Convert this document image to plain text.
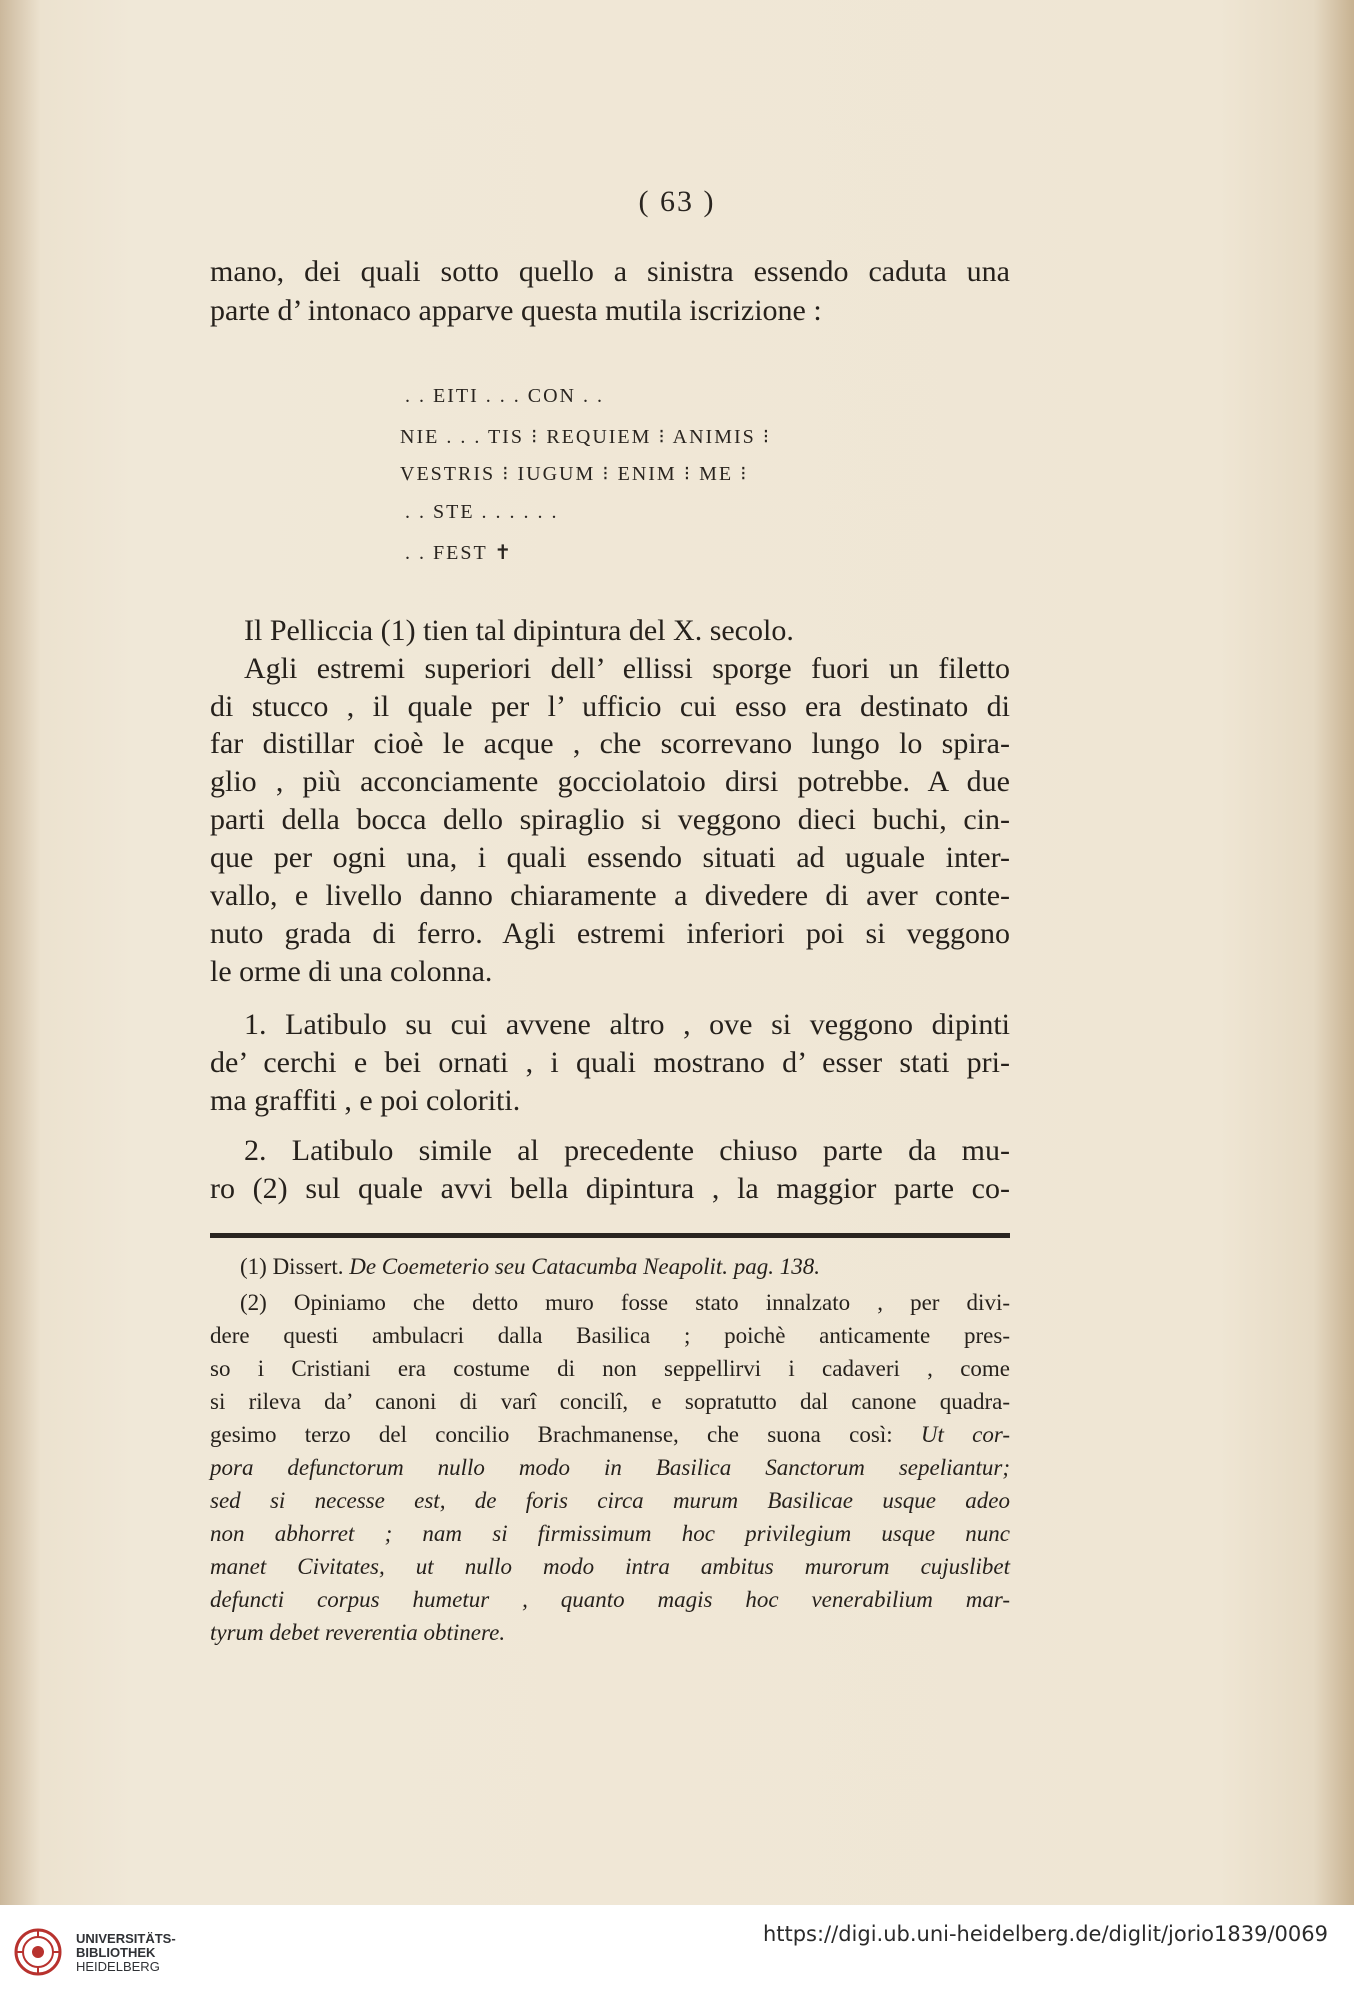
( 63 )
mano, dei quali sotto quello a sinistra essendo caduta una
parte d’ intonaco apparve questa mutila iscrizione :
. . EITI . . . CON . .
NIE . . . TIS ⁝ REQUIEM ⁝ ANIMIS ⁝
VESTRIS ⁝ IUGUM ⁝ ENIM ⁝ ME ⁝
. . STE . . . . . .
. . FEST ✝
Il Pelliccia (1) tien tal dipintura del X. secolo.
Agli estremi superiori dell’ ellissi sporge fuori un filetto
di stucco , il quale per l’ ufficio cui esso era destinato di
far distillar cioè le acque , che scorrevano lungo lo spira-
glio , più acconciamente gocciolatoio dirsi potrebbe. A due
parti della bocca dello spiraglio si veggono dieci buchi, cin-
que per ogni una, i quali essendo situati ad uguale inter-
vallo, e livello danno chiaramente a divedere di aver conte-
nuto grada di ferro. Agli estremi inferiori poi si veggono
le orme di una colonna.
1. Latibulo su cui avvene altro , ove si veggono dipinti
de’ cerchi e bei ornati , i quali mostrano d’ esser stati pri-
ma graffiti , e poi coloriti.
2. Latibulo simile al precedente chiuso parte da mu-
ro (2) sul quale avvi bella dipintura , la maggior parte co-
(1) Dissert. De Coemeterio seu Catacumba Neapolit. pag. 138.
(2) Opiniamo che detto muro fosse stato innalzato , per divi-
dere questi ambulacri dalla Basilica ; poichè anticamente pres-
so i Cristiani era costume di non seppellirvi i cadaveri , come
si rileva da’ canoni di varî concilî, e sopratutto dal canone quadra-
gesimo terzo del concilio Brachmanense, che suona così: Ut cor-
pora defunctorum nullo modo in Basilica Sanctorum sepeliantur;
sed si necesse est, de foris circa murum Basilicae usque adeo
non abhorret ; nam si firmissimum hoc privilegium usque nunc
manet Civitates, ut nullo modo intra ambitus murorum cujuslibet
defuncti corpus humetur , quanto magis hoc venerabilium mar-
tyrum debet reverentia obtinere.
UNIVERSITÄTS-
BIBLIOTHEK
HEIDELBERG
https://digi.ub.uni-heidelberg.de/diglit/jorio1839/0069
